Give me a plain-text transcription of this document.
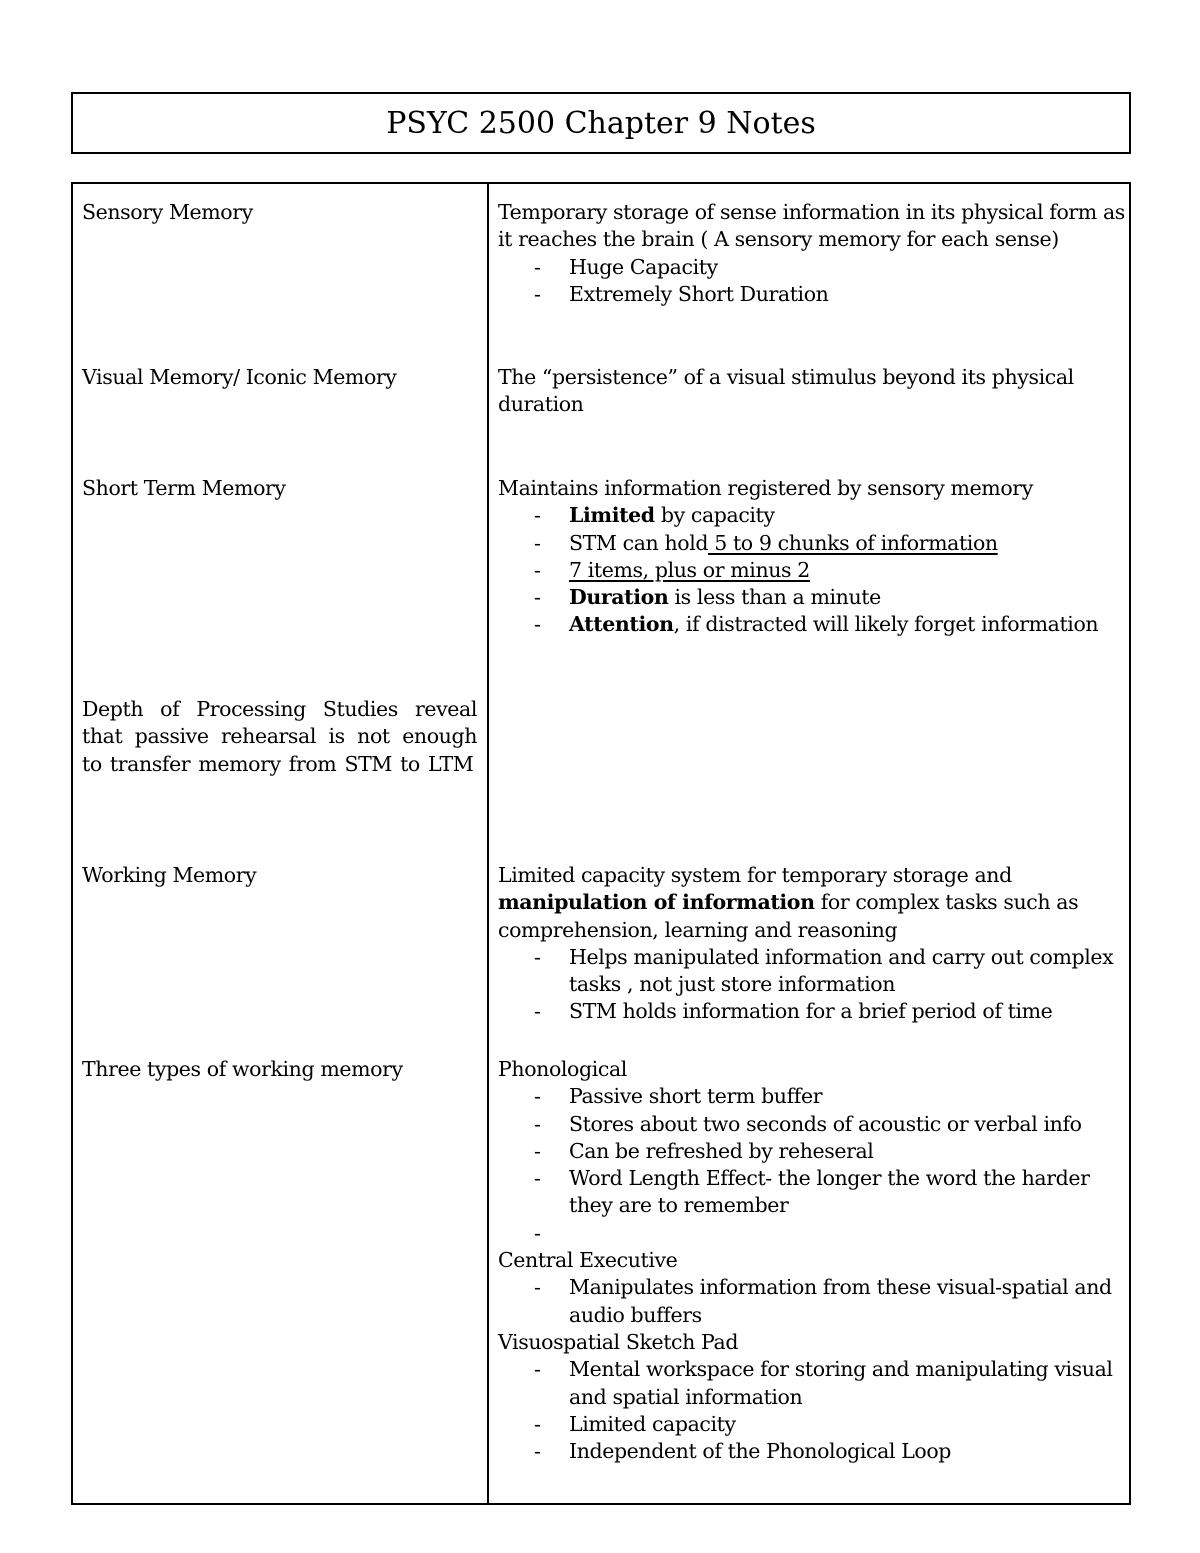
PSYC 2500 Chapter 9 Notes
Sensory Memory	Temporary storage of sense information in its physical form as it reaches the brain ( A sensory memory for each sense)

- Huge Capacity
- Extremely Short Duration
Visual Memory/ Iconic Memory	The “persistence” of a visual stimulus beyond its physical duration

Short Term Memory	Maintains information registered by sensory memory

- Limited by capacity
- STM can hold 5 to 9 chunks of information
- 7 items, plus or minus 2
- Duration is less than a minute
- Attention, if distracted will likely forget information
Depth of Processing Studies reveal that passive rehearsal is not enough to transfer memory from STM to LTM
Working Memory	Limited capacity system for temporary storage and manipulation of information for complex tasks such as comprehension, learning and reasoning

- Helps manipulated information and carry out complex tasks , not just store information
- STM holds information for a brief period of time
Three types of working memory	Phonological

- Passive short term buffer
- Stores about two seconds of acoustic or verbal info
- Can be refreshed by reheseral
- Word Length Effect- the longer the word the harder they are to remember
-

Central Executive

- Manipulates information from these visual-spatial and audio buffers

Visuospatial Sketch Pad

- Mental workspace for storing and manipulating visual and spatial information
- Limited capacity
- Independent of the Phonological Loop
